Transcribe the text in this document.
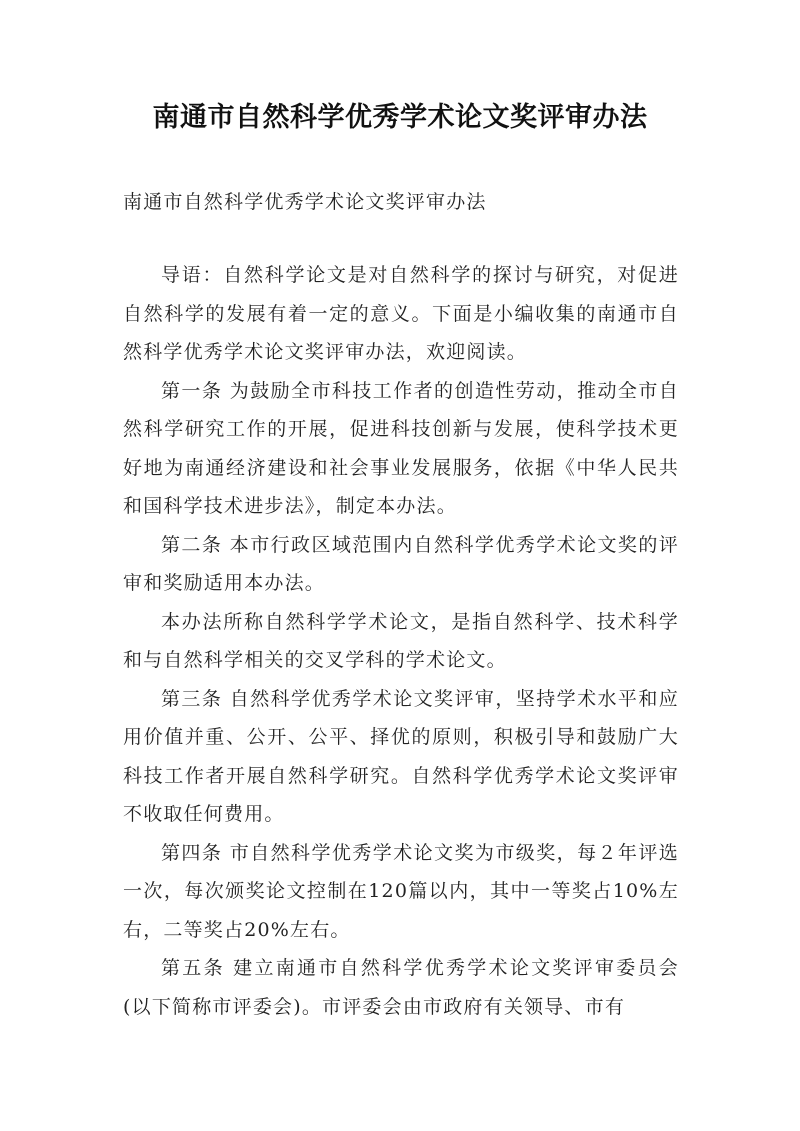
南通市自然科学优秀学术论文奖评审办法
南通市自然科学优秀学术论文奖评审办法

导语：自然科学论文是对自然科学的探讨与研究，对促进自然科学的发展有着一定的意义。下面是小编收集的南通市自然科学优秀学术论文奖评审办法，欢迎阅读。

第一条 为鼓励全市科技工作者的创造性劳动，推动全市自然科学研究工作的开展，促进科技创新与发展，使科学技术更好地为南通经济建设和社会事业发展服务，依据《中华人民共和国科学技术进步法》，制定本办法。

第二条 本市行政区域范围内自然科学优秀学术论文奖的评审和奖励适用本办法。

本办法所称自然科学学术论文，是指自然科学、技术科学和与自然科学相关的交叉学科的学术论文。

第三条 自然科学优秀学术论文奖评审，坚持学术水平和应用价值并重、公开、公平、择优的原则，积极引导和鼓励广大科技工作者开展自然科学研究。自然科学优秀学术论文奖评审不收取任何费用。

第四条 市自然科学优秀学术论文奖为市级奖，每２年评选一次，每次颁奖论文控制在120篇以内，其中一等奖占10%左右，二等奖占20%左右。

第五条 建立南通市自然科学优秀学术论文奖评审委员会(以下简称市评委会)。市评委会由市政府有关领导、市有
